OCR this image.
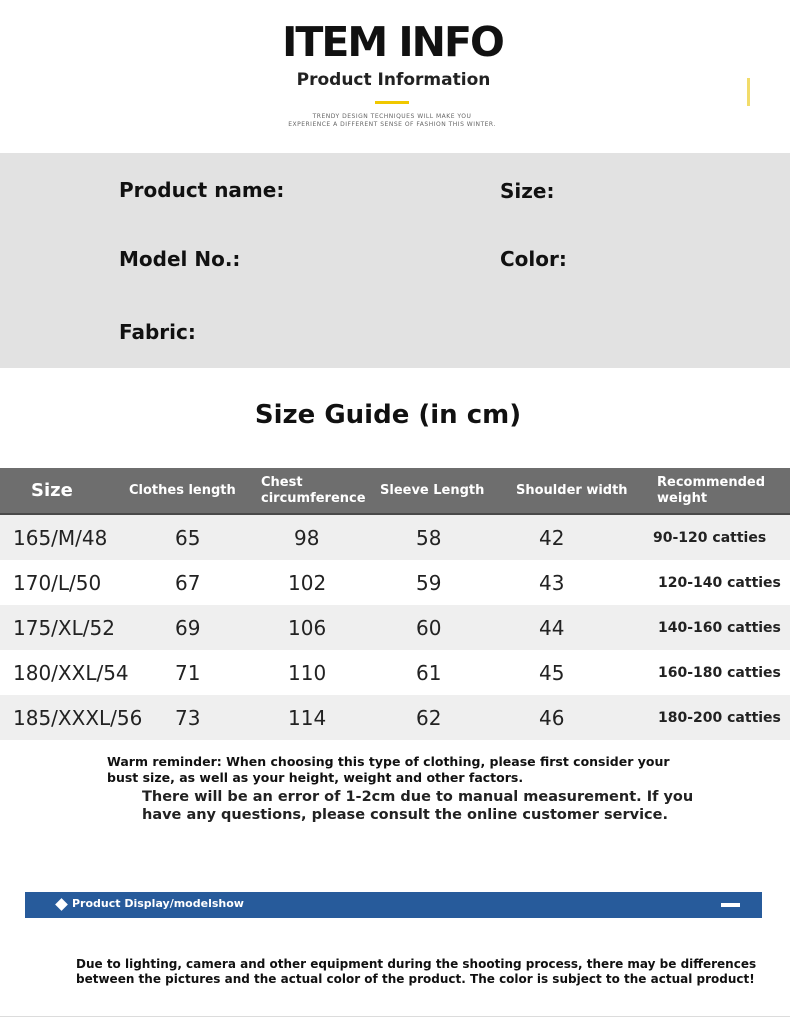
ITEM INFO
Product Information
TRENDY DESIGN TECHNIQUES WILL MAKE YOU
EXPERIENCE A DIFFERENT SENSE OF FASHION THIS WINTER.
Product name:	Size:
Model No.:	Color:
Fabric:
Size Guide (in cm)
Size	Clothes length	Chest circumference	Sleeve Length	Shoulder width	Recommended weight
165/M/48	65	98	58	42	90-120 catties
170/L/50	67	102	59	43	120-140 catties
175/XL/52	69	106	60	44	140-160 catties
180/XXL/54	71	110	61	45	160-180 catties
185/XXXL/56	73	114	62	46	180-200 catties
Warm reminder: When choosing this type of clothing, please first consider your bust size, as well as your height, weight and other factors.
There will be an error of 1-2cm due to manual measurement. If you have any questions, please consult the online customer service.
Product Display/modelshow
Due to lighting, camera and other equipment during the shooting process, there may be differences between the pictures and the actual color of the product. The color is subject to the actual product!
